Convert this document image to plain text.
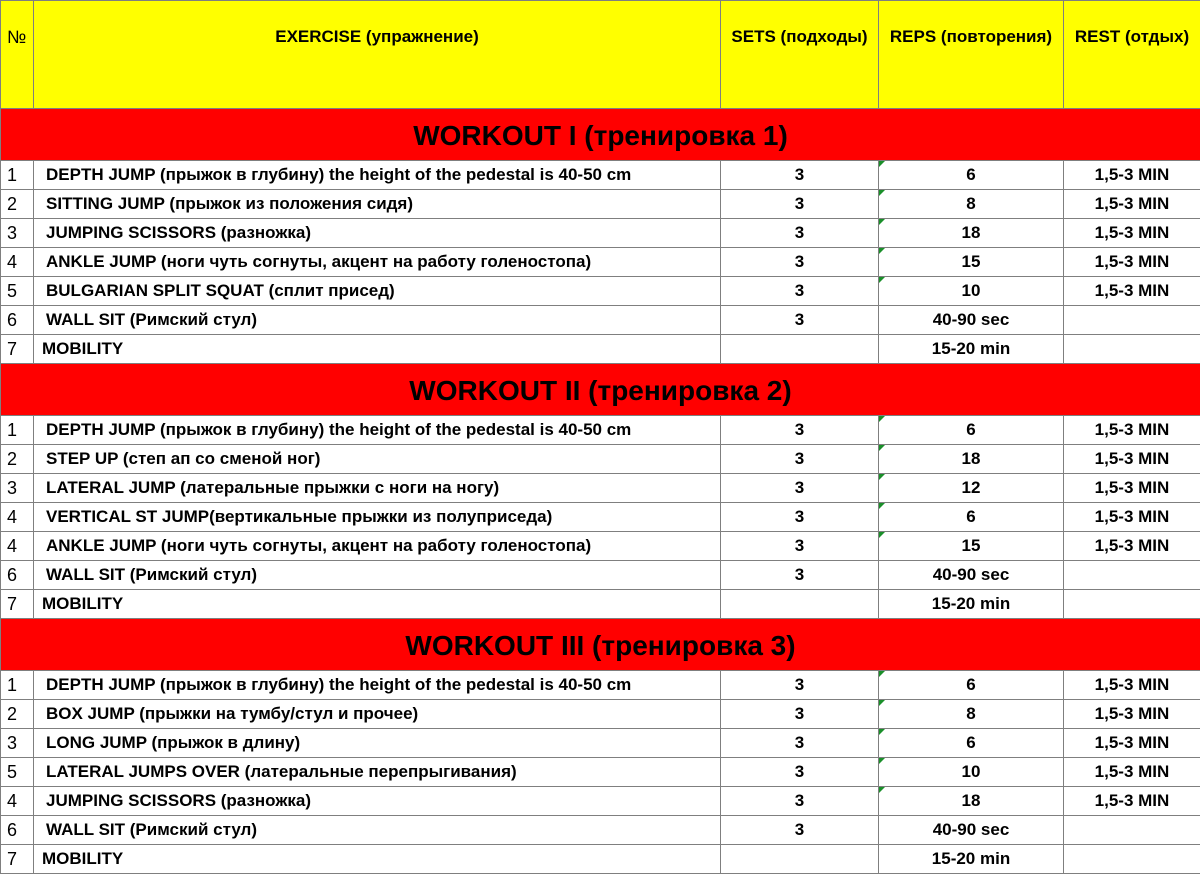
№	EXERCISE (упражнение)	SETS (подходы)	REPS (повторения)	REST (отдых)
WORKOUT I (тренировка 1)				
1	DEPTH JUMP (прыжок в глубину) the height of the pedestal is 40-50 cm	3	6	1,5-3 MIN
2	SITTING JUMP (прыжок из положения сидя)	3	8	1,5-3 MIN
3	JUMPING SCISSORS (разножка)	3	18	1,5-3 MIN
4	ANKLE JUMP (ноги чуть согнуты, акцент на работу голеностопа)	3	15	1,5-3 MIN
5	BULGARIAN SPLIT SQUAT (сплит присед)	3	10	1,5-3 MIN
6	WALL SIT (Римский стул)	3	40-90 sec	
7	MOBILITY		15-20 min	
WORKOUT II (тренировка 2)				
1	DEPTH JUMP (прыжок в глубину) the height of the pedestal is 40-50 cm	3	6	1,5-3 MIN
2	STEP UP (степ ап со сменой ног)	3	18	1,5-3 MIN
3	LATERAL JUMP (латеральные прыжки с ноги на ногу)	3	12	1,5-3 MIN
4	VERTICAL ST JUMP(вертикальные прыжки из полуприседа)	3	6	1,5-3 MIN
4	ANKLE JUMP (ноги чуть согнуты, акцент на работу голеностопа)	3	15	1,5-3 MIN
6	WALL SIT (Римский стул)	3	40-90 sec	
7	MOBILITY		15-20 min	
WORKOUT III (тренировка 3)				
1	DEPTH JUMP (прыжок в глубину) the height of the pedestal is 40-50 cm	3	6	1,5-3 MIN
2	BOX JUMP (прыжки на тумбу/стул и прочее)	3	8	1,5-3 MIN
3	LONG JUMP (прыжок в длину)	3	6	1,5-3 MIN
5	LATERAL JUMPS OVER (латеральные перепрыгивания)	3	10	1,5-3 MIN
4	JUMPING SCISSORS (разножка)	3	18	1,5-3 MIN
6	WALL SIT (Римский стул)	3	40-90 sec	
7	MOBILITY		15-20 min	
